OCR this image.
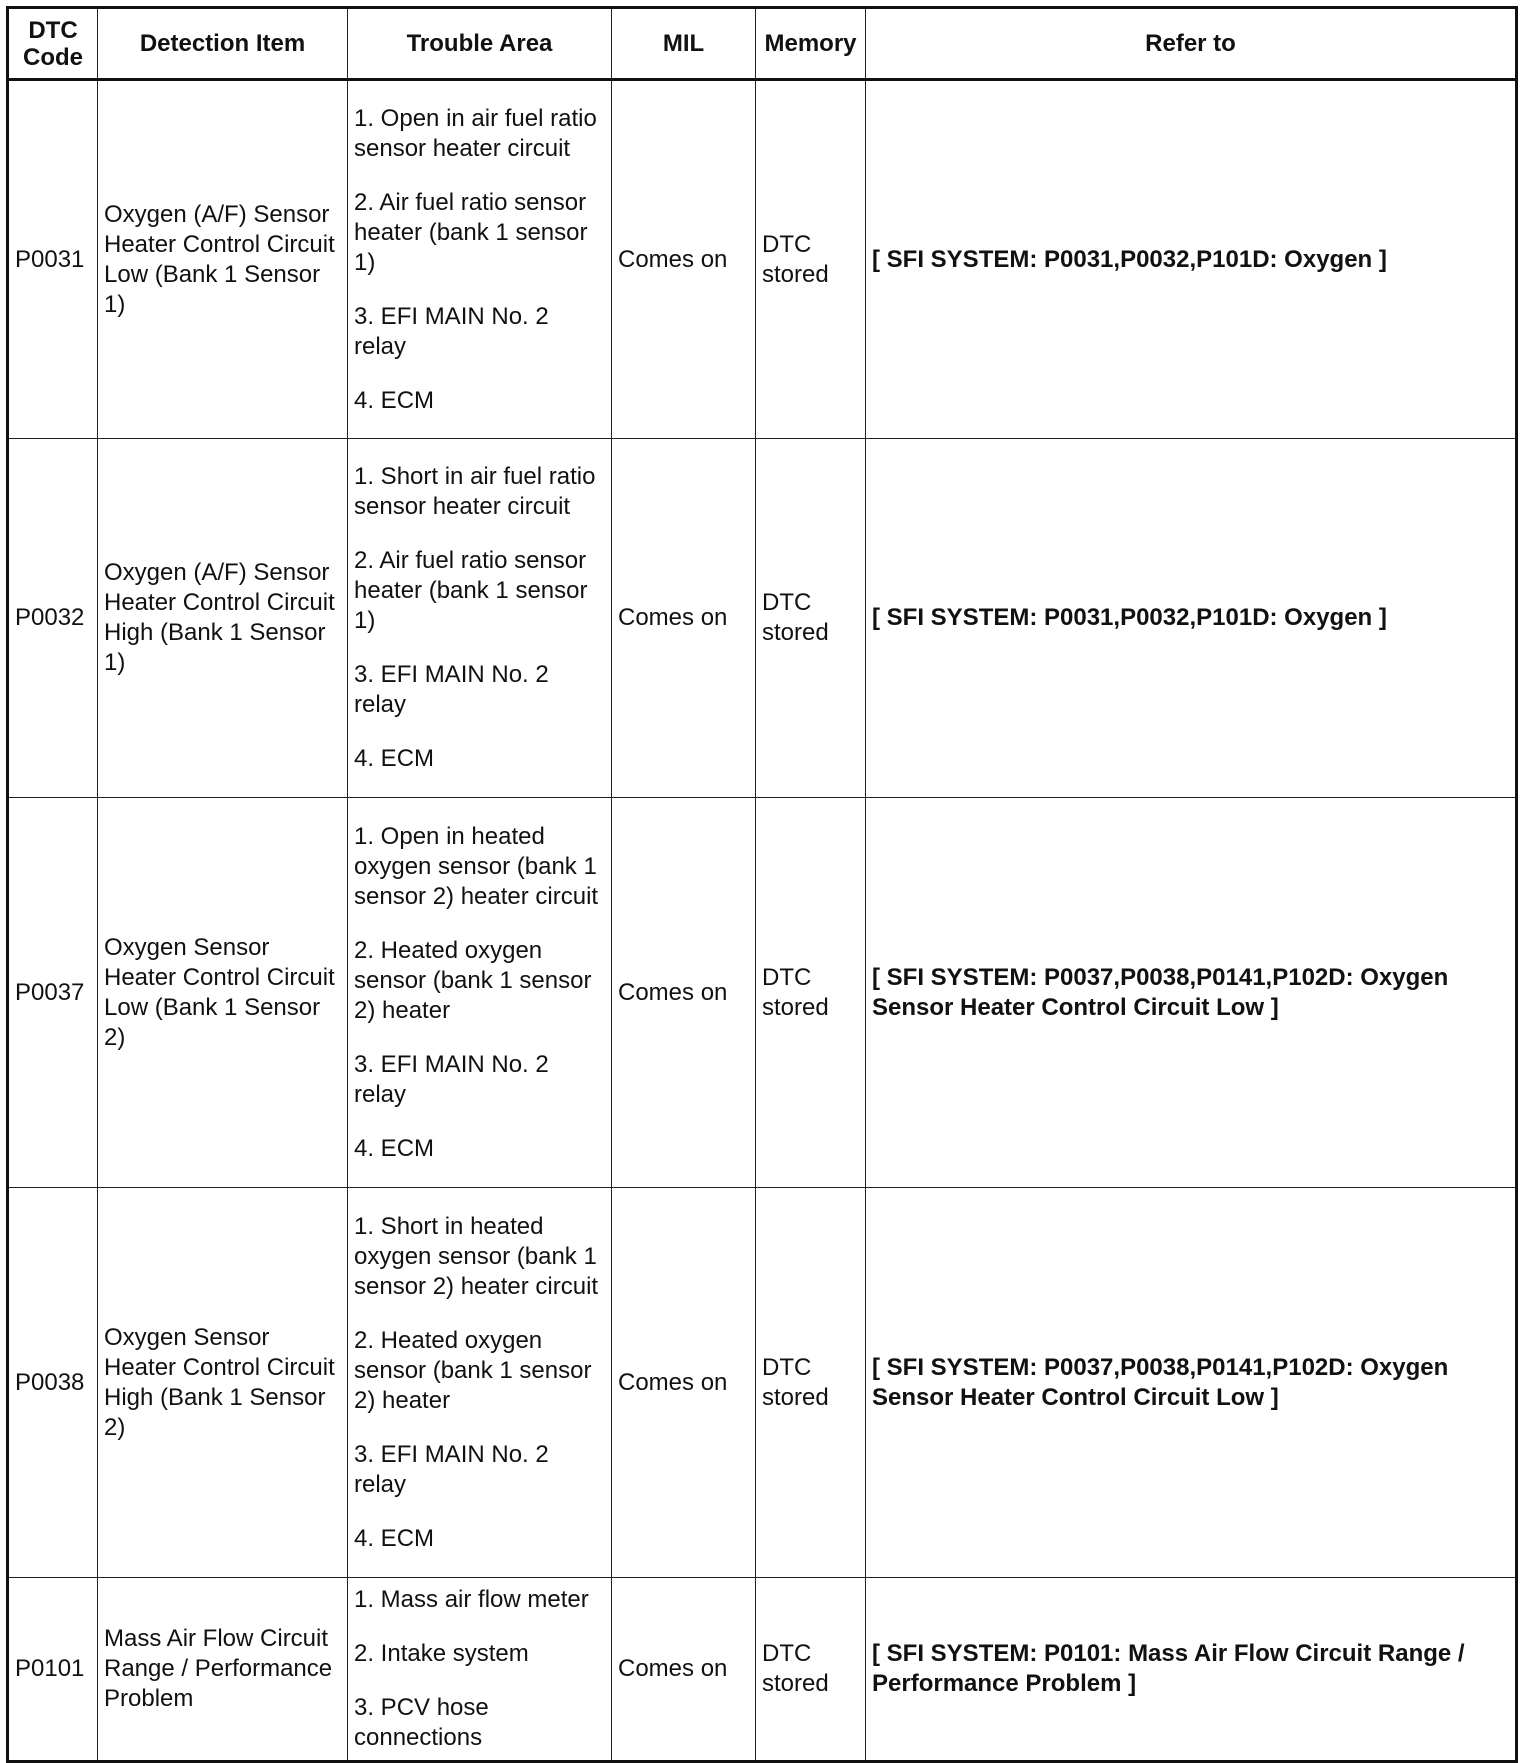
DTC Code	Detection Item	Trouble Area	MIL	Memory	Refer to
P0031	Oxygen (A/F) Sensor Heater Control Circuit Low (Bank 1 Sensor 1)	1. Open in air fuel ratio sensor heater circuit
2. Air fuel ratio sensor heater (bank 1 sensor 1)
3. EFI MAIN No. 2 relay
4. ECM	Comes on	DTC stored	[ SFI SYSTEM: P0031,P0032,P101D: Oxygen ]
P0032	Oxygen (A/F) Sensor Heater Control Circuit High (Bank 1 Sensor 1)	1. Short in air fuel ratio sensor heater circuit
2. Air fuel ratio sensor heater (bank 1 sensor 1)
3. EFI MAIN No. 2 relay
4. ECM	Comes on	DTC stored	[ SFI SYSTEM: P0031,P0032,P101D: Oxygen ]
P0037	Oxygen Sensor Heater Control Circuit Low (Bank 1 Sensor 2)	1. Open in heated oxygen sensor (bank 1 sensor 2) heater circuit
2. Heated oxygen sensor (bank 1 sensor 2) heater
3. EFI MAIN No. 2 relay
4. ECM	Comes on	DTC stored	[ SFI SYSTEM: P0037,P0038,P0141,P102D: Oxygen Sensor Heater Control Circuit Low ]
P0038	Oxygen Sensor Heater Control Circuit High (Bank 1 Sensor 2)	1. Short in heated oxygen sensor (bank 1 sensor 2) heater circuit
2. Heated oxygen sensor (bank 1 sensor 2) heater
3. EFI MAIN No. 2 relay
4. ECM	Comes on	DTC stored	[ SFI SYSTEM: P0037,P0038,P0141,P102D: Oxygen Sensor Heater Control Circuit Low ]
P0101	Mass Air Flow Circuit Range / Performance Problem	1. Mass air flow meter
2. Intake system
3. PCV hose connections	Comes on	DTC stored	[ SFI SYSTEM: P0101: Mass Air Flow Circuit Range / Performance Problem ]
